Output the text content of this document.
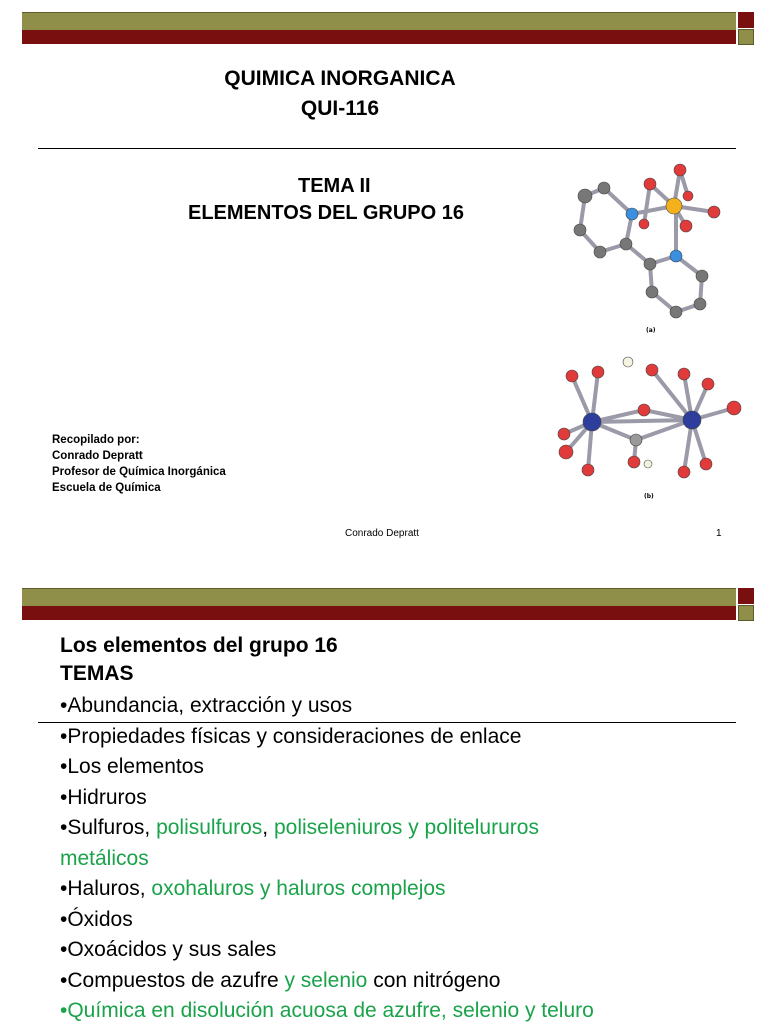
QUIMICA INORGANICA
QUI-116
TEMA II
ELEMENTOS DEL GRUPO 16
(a)
(b)
Recopilado por:
Conrado Depratt
Profesor de Química Inorgánica
Escuela de Química
Conrado Depratt	1
Los elementos del grupo 16
TEMAS
•Abundancia, extracción y usos
•Propiedades físicas y consideraciones de enlace
•Los elementos
•Hidruros
•Sulfuros, polisulfuros, poliseleniuros y politelururos
metálicos
•Haluros, oxohaluros y haluros complejos
•Óxidos
•Oxoácidos y sus sales
•Compuestos de azufre y selenio con nitrógeno
•Química en disolución acuosa de azufre, selenio y teluro
